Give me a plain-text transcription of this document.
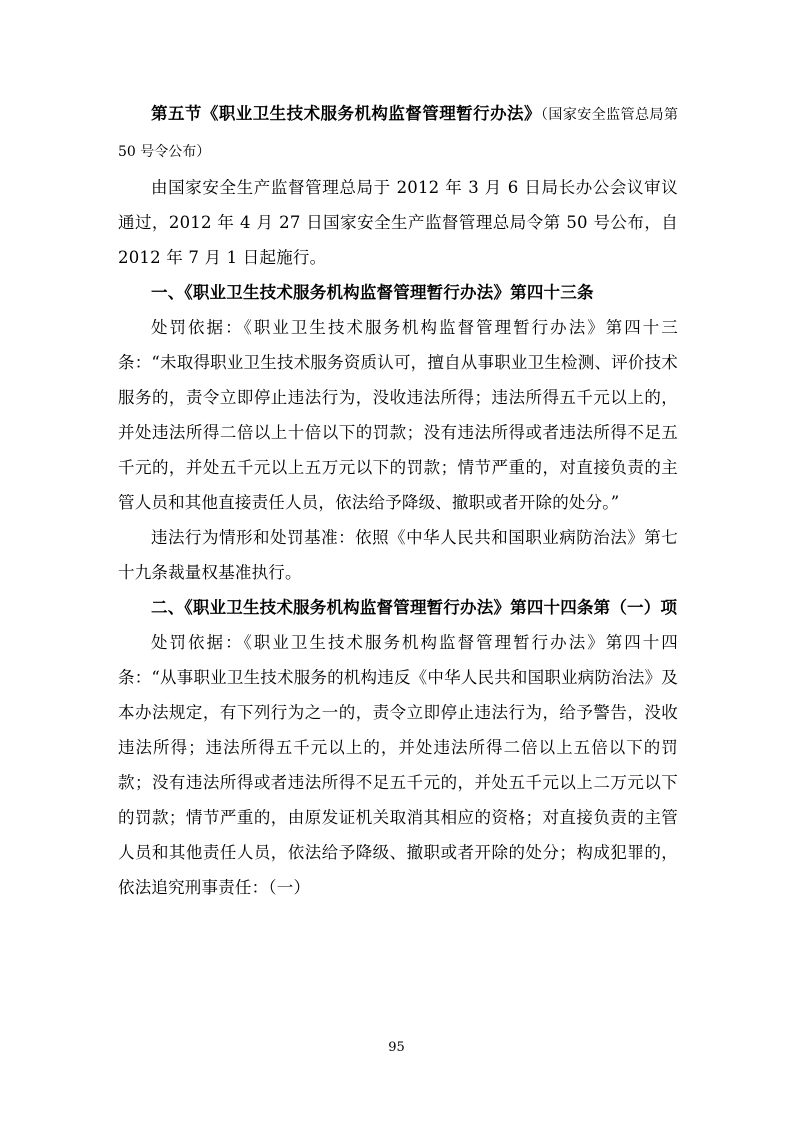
第五节《职业卫生技术服务机构监督管理暂行办法》（国家安全监管总局第 50 号令公布）

由国家安全生产监督管理总局于 2012 年 3 月 6 日局长办公会议审议通过，2012 年 4 月 27 日国家安全生产监督管理总局令第 50 号公布，自 2012 年 7 月 1 日起施行。

一、《职业卫生技术服务机构监督管理暂行办法》第四十三条

处罚依据：《职业卫生技术服务机构监督管理暂行办法》第四十三条：“未取得职业卫生技术服务资质认可，擅自从事职业卫生检测、评价技术服务的，责令立即停止违法行为，没收违法所得；违法所得五千元以上的，并处违法所得二倍以上十倍以下的罚款；没有违法所得或者违法所得不足五千元的，并处五千元以上五万元以下的罚款；情节严重的，对直接负责的主管人员和其他直接责任人员，依法给予降级、撤职或者开除的处分。”

违法行为情形和处罚基准：依照《中华人民共和国职业病防治法》第七十九条裁量权基准执行。

二、《职业卫生技术服务机构监督管理暂行办法》第四十四条第（一）项

处罚依据：《职业卫生技术服务机构监督管理暂行办法》第四十四条：“从事职业卫生技术服务的机构违反《中华人民共和国职业病防治法》及本办法规定，有下列行为之一的，责令立即停止违法行为，给予警告，没收违法所得；违法所得五千元以上的，并处违法所得二倍以上五倍以下的罚款；没有违法所得或者违法所得不足五千元的，并处五千元以上二万元以下的罚款；情节严重的，由原发证机关取消其相应的资格；对直接负责的主管人员和其他责任人员，依法给予降级、撤职或者开除的处分；构成犯罪的，依法追究刑事责任：（一）

95
